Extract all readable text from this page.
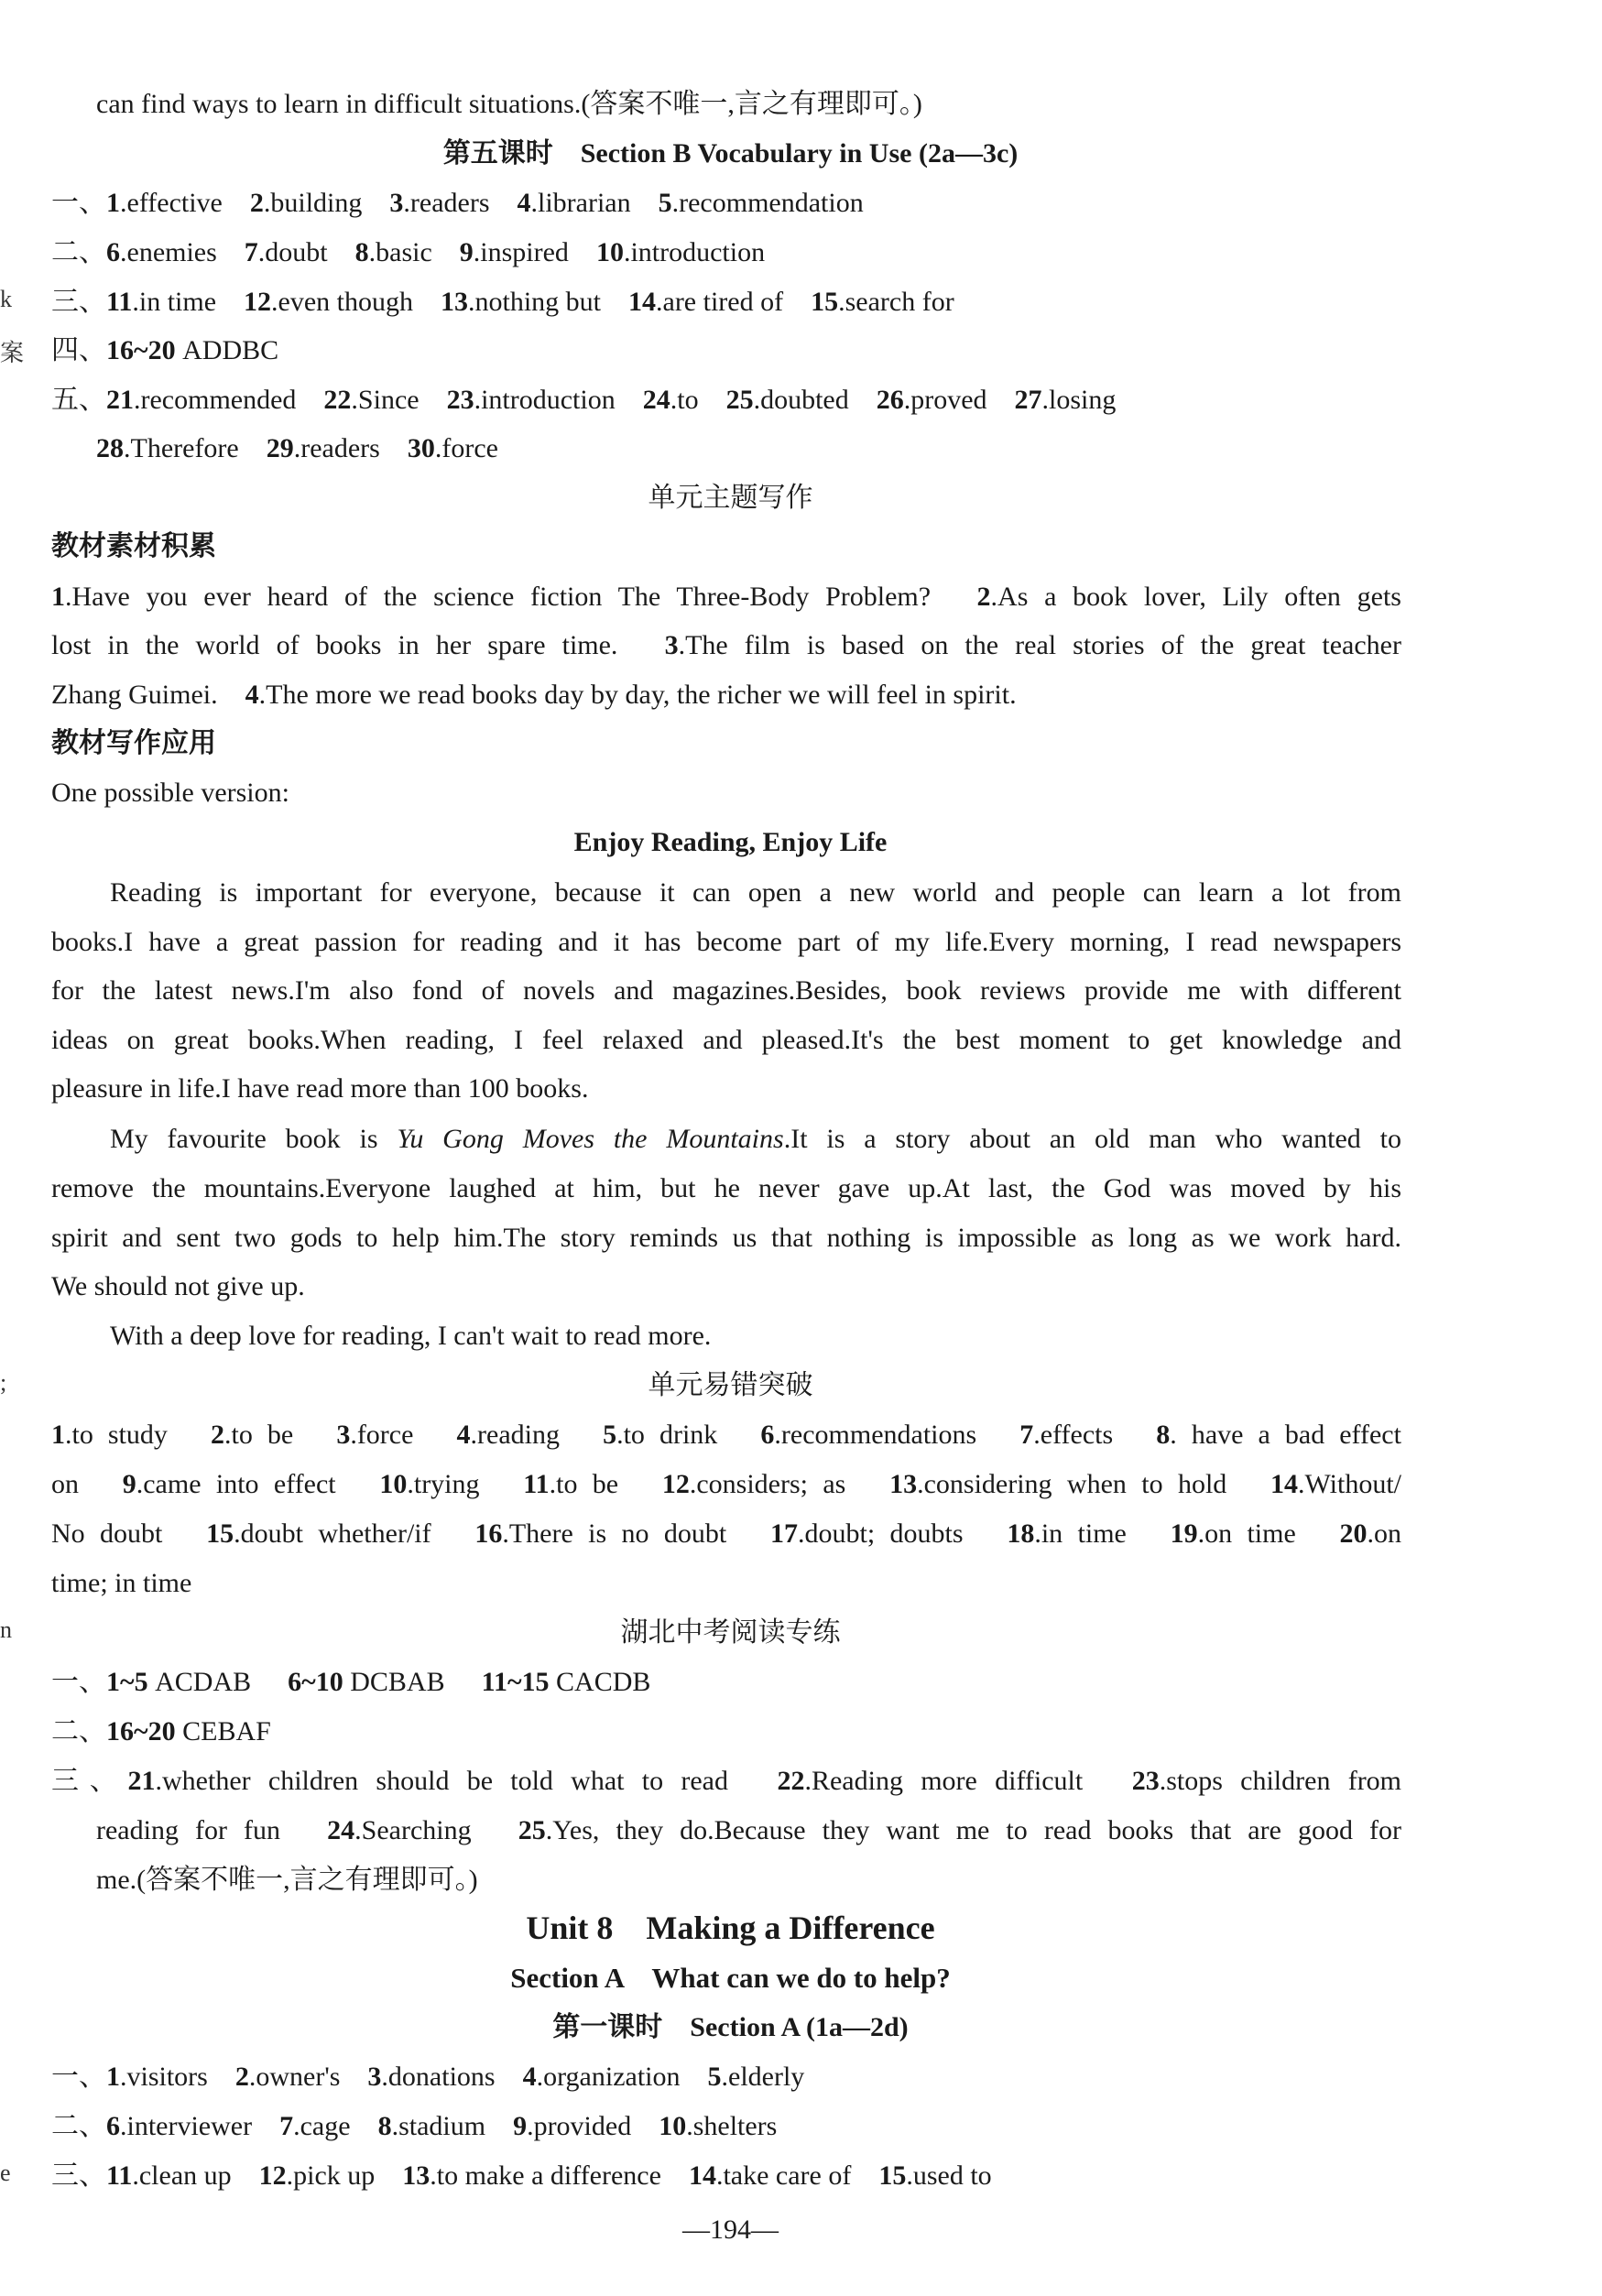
can find ways to learn in difficult situations.(答案不唯一,言之有理即可。)
第五课时　Section B Vocabulary in Use (2a—3c)
一、1.effective 2.building 3.readers 4.librarian 5.recommendation
二、6.enemies 7.doubt 8.basic 9.inspired 10.introduction
三、11.in time 12.even though 13.nothing but 14.are tired of 15.search for
四、16~20 ADDBC
五、21.recommended 22.Since 23.introduction 24.to 25.doubted 26.proved 27.losing
28.Therefore 29.readers 30.force
单元主题写作
教材素材积累
1.Have you ever heard of the science fiction The Three-Body Problem?　2.As a book lover, Lily often gets
lost in the world of books in her spare time.　3.The film is based on the real stories of the great teacher
Zhang Guimei.　4.The more we read books day by day, the richer we will feel in spirit.
教材写作应用
One possible version:
Enjoy Reading, Enjoy Life
Reading is important for everyone, because it can open a new world and people can learn a lot from
books.I have a great passion for reading and it has become part of my life.Every morning, I read newspapers
for the latest news.I'm also fond of novels and magazines.Besides, book reviews provide me with different
ideas on great books.When reading, I feel relaxed and pleased.It's the best moment to get knowledge and
pleasure in life.I have read more than 100 books.
My favourite book is Yu Gong Moves the Mountains.It is a story about an old man who wanted to
remove the mountains.Everyone laughed at him, but he never gave up.At last, the God was moved by his
spirit and sent two gods to help him.The story reminds us that nothing is impossible as long as we work hard.
We should not give up.
With a deep love for reading, I can't wait to read more.
单元易错突破
1.to study　2.to be　3.force　4.reading　5.to drink　6.recommendations　7.effects　8. have a bad effect
on　9.came into effect　10.trying　11.to be　12.considers; as　13.considering when to hold　14.Without/
No doubt　15.doubt whether/if　16.There is no doubt　17.doubt; doubts　18.in time　19.on time　20.on
time; in time
湖北中考阅读专练
一、1~5 ACDAB 6~10 DCBAB 11~15 CACDB
二、16~20 CEBAF
三、21.whether children should be told what to read　22.Reading more difficult　23.stops children from
reading for fun　24.Searching　25.Yes, they do.Because they want me to read books that are good for
me.(答案不唯一,言之有理即可。)
Unit 8　Making a Difference
Section A　What can we do to help?
第一课时　Section A (1a—2d)
一、1.visitors 2.owner's 3.donations 4.organization 5.elderly
二、6.interviewer 7.cage 8.stadium 9.provided 10.shelters
三、11.clean up 12.pick up 13.to make a difference 14.take care of 15.used to
—194—
k
案
;
n
e
